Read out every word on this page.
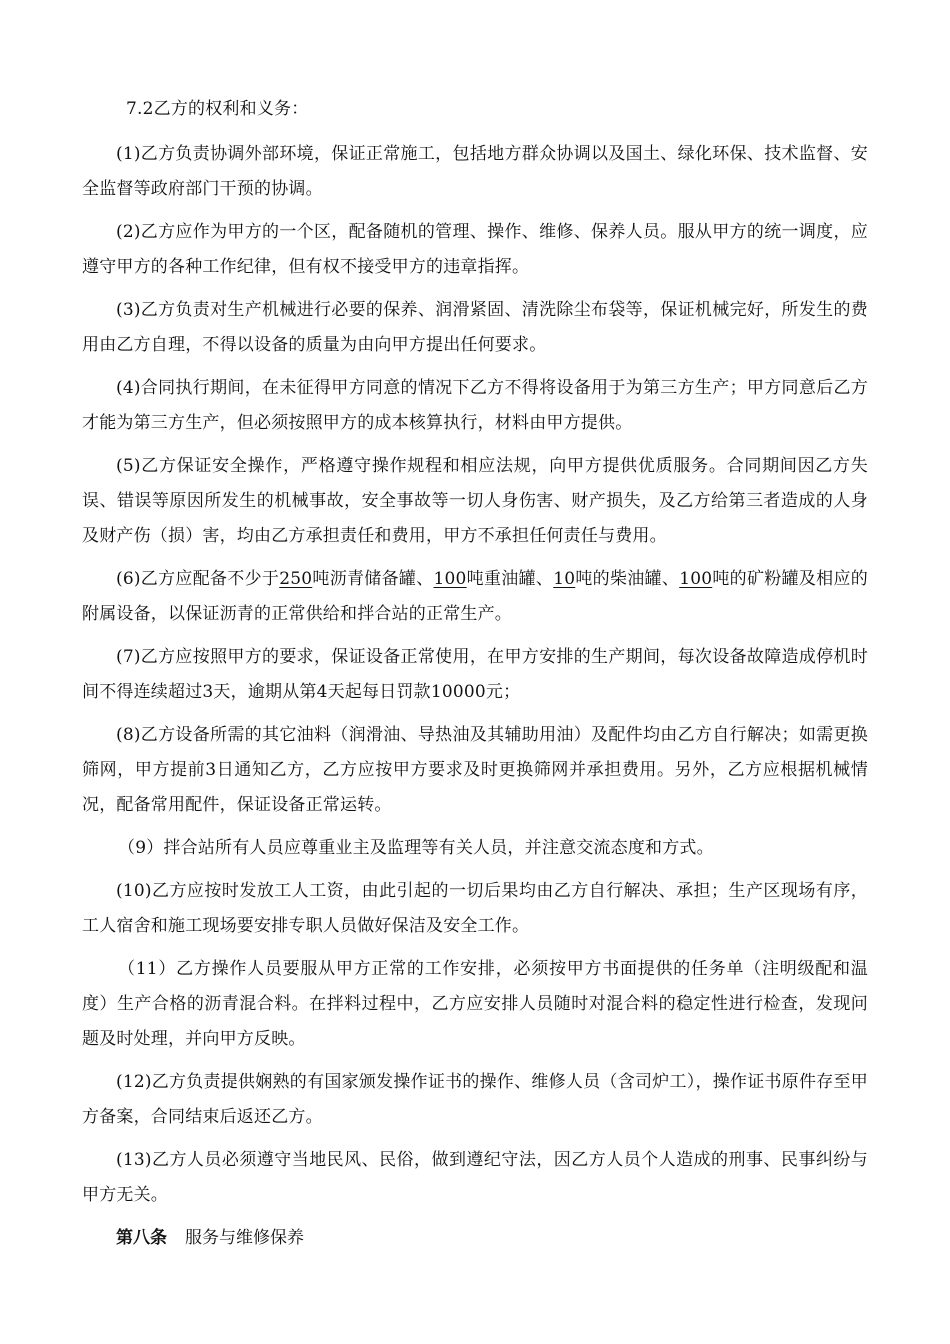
7.2乙方的权利和义务：

(1)乙方负责协调外部环境，保证正常施工，包括地方群众协调以及国土、绿化环保、技术监督、安全监督等政府部门干预的协调。

(2)乙方应作为甲方的一个区，配备随机的管理、操作、维修、保养人员。服从甲方的统一调度，应遵守甲方的各种工作纪律，但有权不接受甲方的违章指挥。

(3)乙方负责对生产机械进行必要的保养、润滑紧固、清洗除尘布袋等，保证机械完好，所发生的费用由乙方自理，不得以设备的质量为由向甲方提出任何要求。

(4)合同执行期间，在未征得甲方同意的情况下乙方不得将设备用于为第三方生产；甲方同意后乙方才能为第三方生产，但必须按照甲方的成本核算执行，材料由甲方提供。

(5)乙方保证安全操作，严格遵守操作规程和相应法规，向甲方提供优质服务。合同期间因乙方失误、错误等原因所发生的机械事故，安全事故等一切人身伤害、财产损失，及乙方给第三者造成的人身及财产伤（损）害，均由乙方承担责任和费用，甲方不承担任何责任与费用。

(6)乙方应配备不少于250吨沥青储备罐、100吨重油罐、10吨的柴油罐、100吨的矿粉罐及相应的附属设备，以保证沥青的正常供给和拌合站的正常生产。

(7)乙方应按照甲方的要求，保证设备正常使用，在甲方安排的生产期间，每次设备故障造成停机时间不得连续超过3天，逾期从第4天起每日罚款10000元；

(8)乙方设备所需的其它油料（润滑油、导热油及其辅助用油）及配件均由乙方自行解决；如需更换筛网，甲方提前3日通知乙方，乙方应按甲方要求及时更换筛网并承担费用。另外，乙方应根据机械情况，配备常用配件，保证设备正常运转。

（9）拌合站所有人员应尊重业主及监理等有关人员，并注意交流态度和方式。

(10)乙方应按时发放工人工资，由此引起的一切后果均由乙方自行解决、承担；生产区现场有序，工人宿舍和施工现场要安排专职人员做好保洁及安全工作。

（11）乙方操作人员要服从甲方正常的工作安排，必须按甲方书面提供的任务单（注明级配和温度）生产合格的沥青混合料。在拌料过程中，乙方应安排人员随时对混合料的稳定性进行检查，发现问题及时处理，并向甲方反映。

(12)乙方负责提供娴熟的有国家颁发操作证书的操作、维修人员（含司炉工），操作证书原件存至甲方备案，合同结束后返还乙方。

(13)乙方人员必须遵守当地民风、民俗，做到遵纪守法，因乙方人员个人造成的刑事、民事纠纷与甲方无关。

第八条 服务与维修保养
